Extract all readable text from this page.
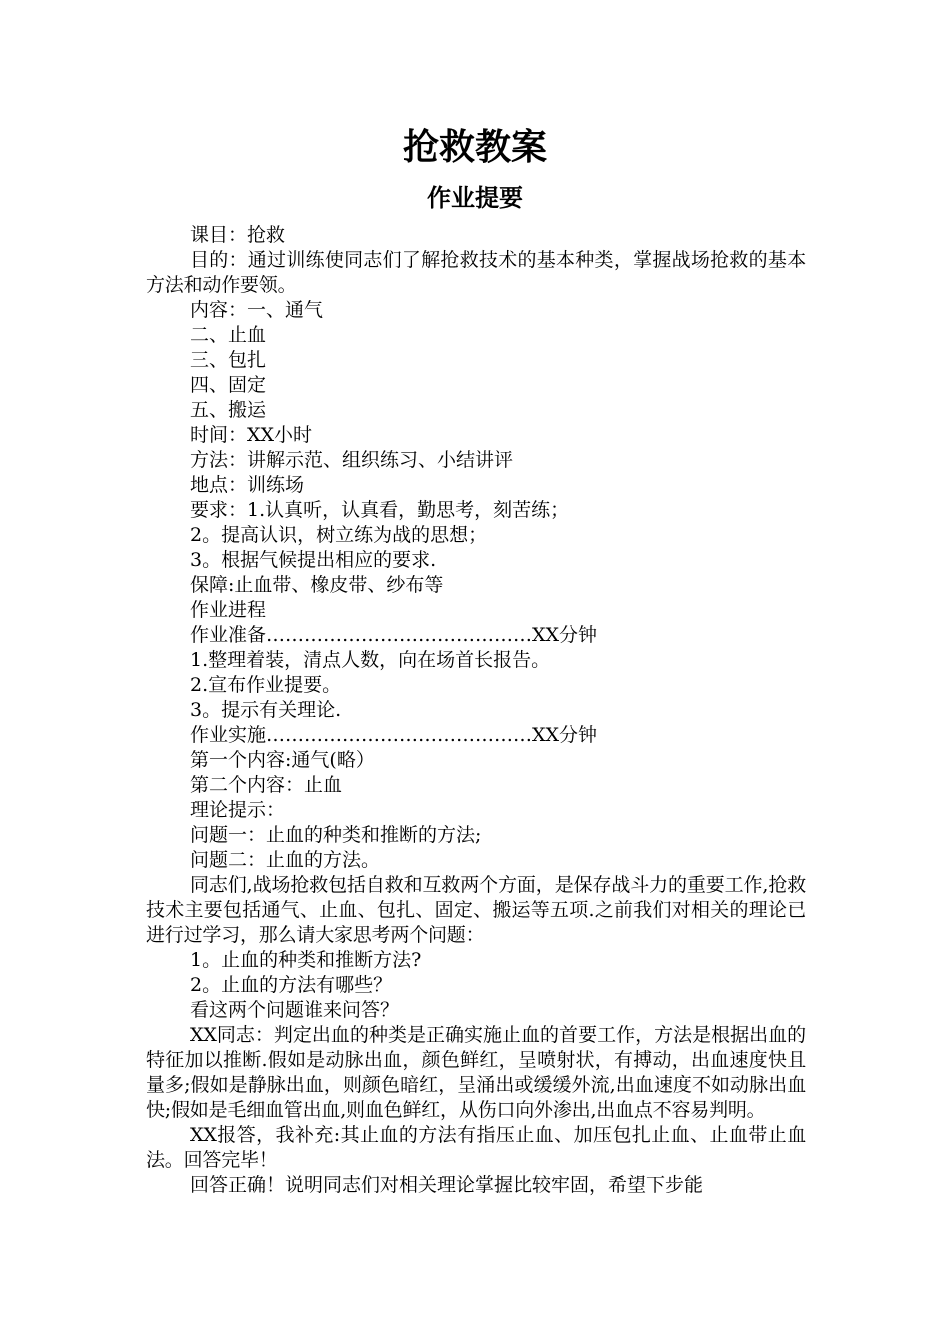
抢救教案
作业提要

课目：抢救

目的：通过训练使同志们了解抢救技术的基本种类，掌握战场抢救的基本方法和动作要领。

内容：一、通气

二、止血

三、包扎

四、固定

五、搬运

时间：XX小时

方法：讲解示范、组织练习、小结讲评

地点：训练场

要求：1.认真听，认真看，勤思考，刻苦练；

2。提高认识，树立练为战的思想；

3。根据气候提出相应的要求.

保障:止血带、橡皮带、纱布等

作业进程

作业准备……………………………………XX分钟

1.整理着装，清点人数，向在场首长报告。

2.宣布作业提要。

3。提示有关理论.

作业实施……………………………………XX分钟

第一个内容:通气(略）

第二个内容：止血

理论提示：

问题一：止血的种类和推断的方法;

问题二：止血的方法。

同志们,战场抢救包括自救和互救两个方面，是保存战斗力的重要工作,抢救技术主要包括通气、止血、包扎、固定、搬运等五项.之前我们对相关的理论已进行过学习，那么请大家思考两个问题：

1。止血的种类和推断方法?

2。止血的方法有哪些？

看这两个问题谁来问答？

XX同志：判定出血的种类是正确实施止血的首要工作，方法是根据出血的特征加以推断.假如是动脉出血，颜色鲜红，呈喷射状，有搏动，出血速度快且量多;假如是静脉出血，则颜色暗红，呈涌出或缓缓外流,出血速度不如动脉出血快;假如是毛细血管出血,则血色鲜红，从伤口向外渗出,出血点不容易判明。

XX报答，我补充:其止血的方法有指压止血、加压包扎止血、止血带止血法。回答完毕！

回答正确！说明同志们对相关理论掌握比较牢固，希望下步能
